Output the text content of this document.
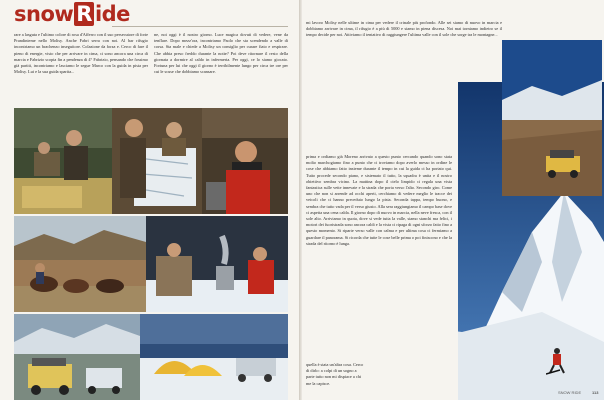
snow R ide
rare a lasguta e l'ultimo colore di rosa d'Afferro con il suo persecutore di forte Prandinieme nello Molisy. Anche Fabri serra con noi. Al bar rifugio incontriamo un brachenzo inseguitore. Colazione da forza e. Cerco di fare il pieno di energie, visto che per arrivare in cima, ci sono ancora una circa di marcia e Fabrizio scopia fin a pendenza di 4° Fabrizio, pensando che fossimo già partiti, incontriamo e lasciamo le segue Marco con la guida in pista per Molisy. Lui e la sua guida sparita...
ne, noi oggi è il nostro giorno. Luce magica dovuti di vedere, vene da tenflare. Dopo mezz'ora, incontriamo Paolo che sta scendendo a valle di corsa. Sta male e chiede a Molisy un consiglio per curare fiato e respirare. Che abbia preso freddo durante la notte? Poi deve ritornare il resto della giornata a dormire al caldo in infermeria. Per oggi, ce lo siamo giocato. Fortuna per lui che oggi il giorno è terribilmente lungo per circa tre ore per cui le scuse che dobbiamo scansare.
mi lavoro Molisy nelle ultime in cima per vedere il crinale più profondo. Alle sei siamo di nuovo in marcia e dobbiamo arrivare in cima, il rifugio è a più di 5000 e siamo in piena discesa. Noi mai torniamo indietro se il tempo decide per noi. Attiviamo il tentativo di raggiungere l'ultima valle con il sole che sorge tra le montagne...
prima e ordiamo già Moreno arrivato a questo punto cercando quando sono stata molto marchogiamo fino a punto che ci troviamo dopo averlo messo in ordine le cose che abbiamo fatto insieme durante il tempo in cui la guida ci ha portato qui. Tutto procede secondo piano, e sistemato il tutto, la squadra è unita e il nostro obiettivo sembra vicino. La mattina dopo il cielo limpido ci regala una vista fantastica sulle vette innevate e la strada che porta verso l'alto. Secondo giro. Come uno che non si arrende ad occhi aperti, cerchiamo di vedere meglio le tracce dei veicoli che ci hanno preceduto lungo la pista. Seconda tappa, tempo buono, e sembra che tutto vada per il verso giusto. Alla sera raggiungiamo il campo base dove ci aspetta una cena calda. Il giorno dopo di nuovo in marcia, nella neve fresca, con il sole alto. Arriviamo in quota, dove si vede tutta la valle, siamo stanchi ma felici, i motori dei fuoristrada sono ancora caldi e la vista ci ripaga di ogni sforzo fatto fino a questo momento. Si riparte verso valle con calma e per ultima cosa ci fermiamo a guardare il panorama. Si ricorda che tutte le cose belle prima o poi finiscono e che la strada del ritorno è lunga.
quella è stata un'altra cosa. Cerco di dirlo: a colpi di un sogno a parte tutto non mi dispiace a chi me la capisce.
SNOW RIDE	113
